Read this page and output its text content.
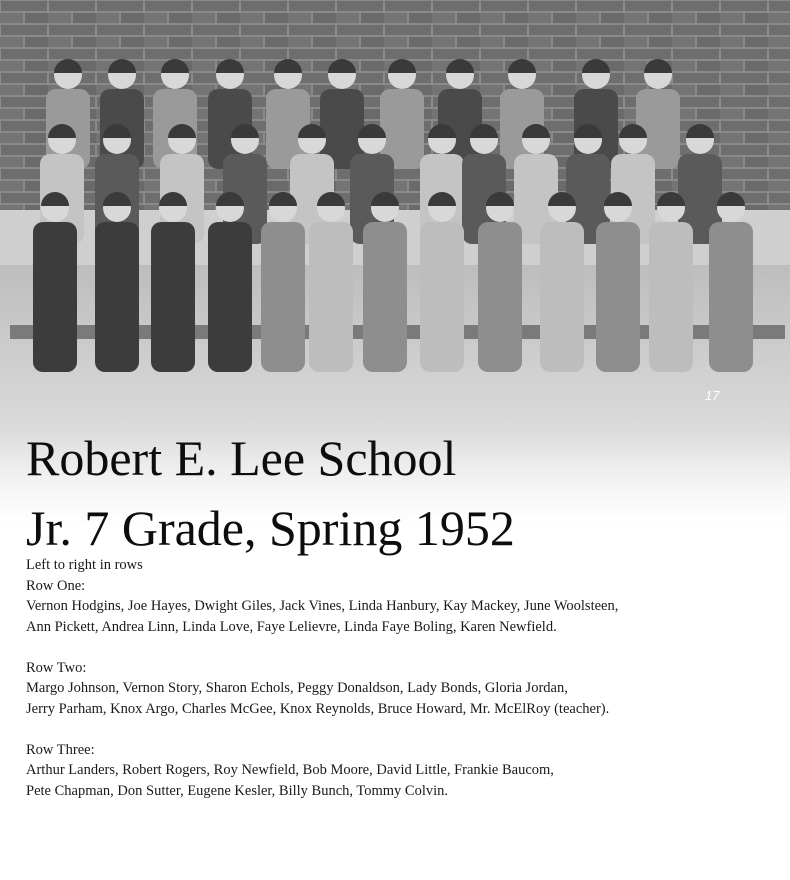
17
Robert E. Lee School
Jr. 7 Grade, Spring 1952
Left to right in rows
Row One:
Vernon Hodgins, Joe Hayes, Dwight Giles, Jack Vines, Linda Hanbury, Kay Mackey, June Woolsteen,
Ann Pickett, Andrea Linn, Linda Love, Faye Lelievre, Linda Faye Boling, Karen Newfield.
Row Two:
Margo Johnson, Vernon Story, Sharon Echols, Peggy Donaldson, Lady Bonds, Gloria Jordan,
Jerry Parham, Knox Argo, Charles McGee, Knox Reynolds, Bruce Howard, Mr. McElRoy (teacher).
Row Three:
Arthur Landers, Robert Rogers, Roy Newfield, Bob Moore, David Little, Frankie Baucom,
Pete Chapman, Don Sutter, Eugene Kesler, Billy Bunch, Tommy Colvin.
